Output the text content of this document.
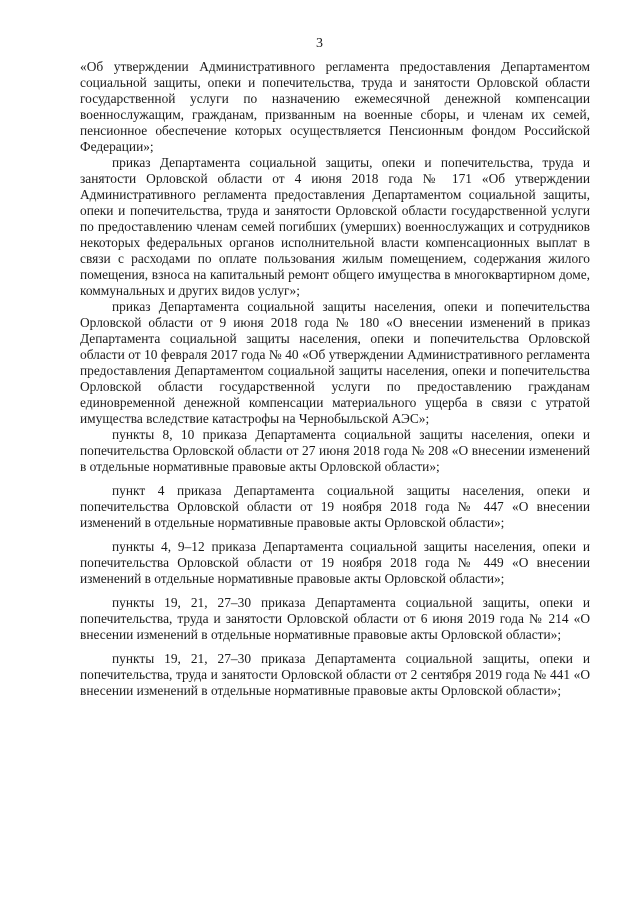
3

«Об утверждении Административного регламента предоставления Департаментом социальной защиты, опеки и попечительства, труда и занятости Орловской области государственной услуги по назначению ежемесячной денежной компенсации военнослужащим, гражданам, призванным на военные сборы, и членам их семей, пенсионное обеспечение которых осуществляется Пенсионным фондом Российской Федерации»;

приказ Департамента социальной защиты, опеки и попечительства, труда и занятости Орловской области от 4 июня 2018 года № 171 «Об утверждении Административного регламента предоставления Департаментом социальной защиты, опеки и попечительства, труда и занятости Орловской области государственной услуги по предоставлению членам семей погибших (умерших) военнослужащих и сотрудников некоторых федеральных органов исполнительной власти компенсационных выплат в связи с расходами по оплате пользования жилым помещением, содержания жилого помещения, взноса на капитальный ремонт общего имущества в многоквартирном доме, коммунальных и других видов услуг»;

приказ Департамента социальной защиты населения, опеки и попечительства Орловской области от 9 июня 2018 года № 180 «О внесении изменений в приказ Департамента социальной защиты населения, опеки и попечительства Орловской области от 10 февраля 2017 года № 40 «Об утверждении Административного регламента предоставления Департаментом социальной защиты населения, опеки и попечительства Орловской области государственной услуги по предоставлению гражданам единовременной денежной компенсации материального ущерба в связи с утратой имущества вследствие катастрофы на Чернобыльской АЭС»;

пункты 8, 10 приказа Департамента социальной защиты населения, опеки и попечительства Орловской области от 27 июня 2018 года № 208 «О внесении изменений в отдельные нормативные правовые акты Орловской области»;

пункт 4 приказа Департамента социальной защиты населения, опеки и попечительства Орловской области от 19 ноября 2018 года № 447 «О внесении изменений в отдельные нормативные правовые акты Орловской области»;

пункты 4, 9–12 приказа Департамента социальной защиты населения, опеки и попечительства Орловской области от 19 ноября 2018 года № 449 «О внесении изменений в отдельные нормативные правовые акты Орловской области»;

пункты 19, 21, 27–30 приказа Департамента социальной защиты, опеки и попечительства, труда и занятости Орловской области от 6 июня 2019 года № 214 «О внесении изменений в отдельные нормативные правовые акты Орловской области»;

пункты 19, 21, 27–30 приказа Департамента социальной защиты, опеки и попечительства, труда и занятости Орловской области от 2 сентября 2019 года № 441 «О внесении изменений в отдельные нормативные правовые акты Орловской области»;
